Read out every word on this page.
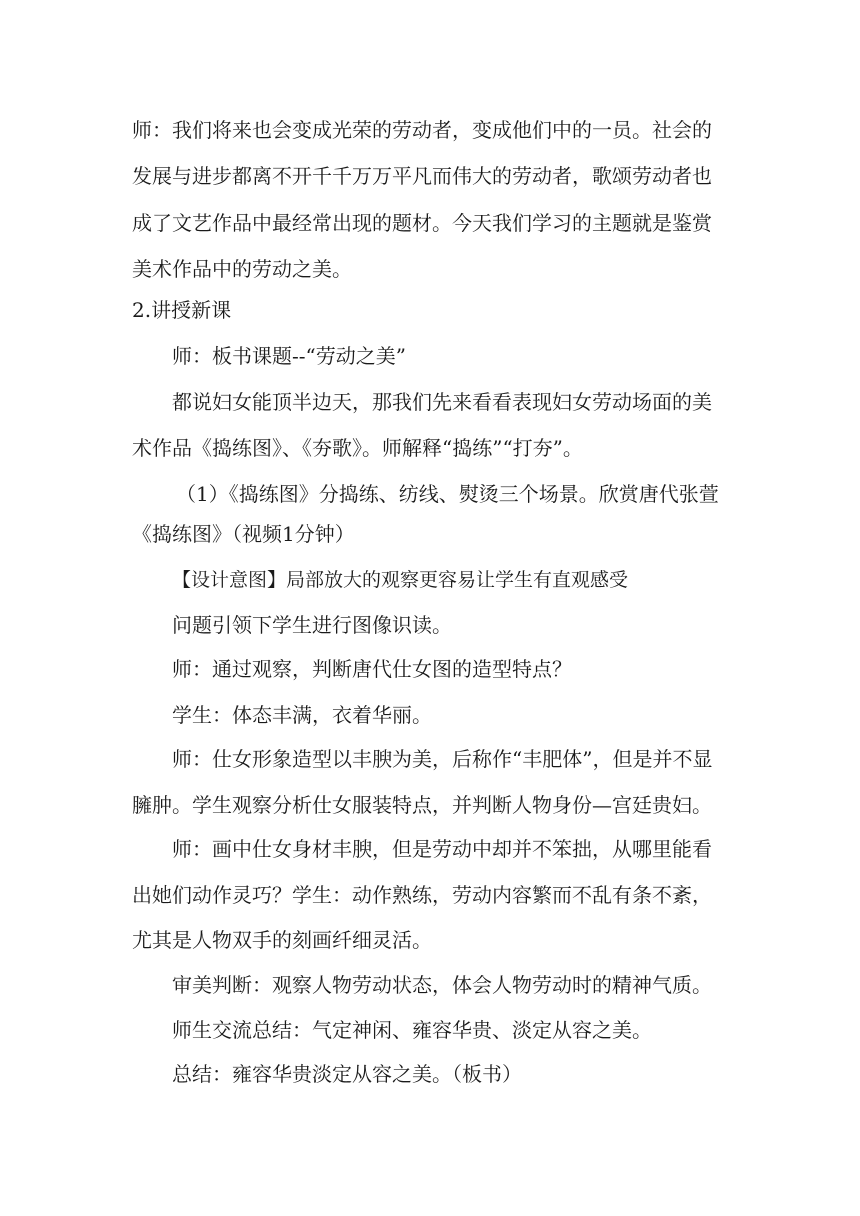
师：我们将来也会变成光荣的劳动者，变成他们中的一员。社会的
发展与进步都离不开千千万万平凡而伟大的劳动者，歌颂劳动者也
成了文艺作品中最经常出现的题材。今天我们学习的主题就是鉴赏
美术作品中的劳动之美。
2.讲授新课
师：板书课题--“劳动之美”
都说妇女能顶半边天，那我们先来看看表现妇女劳动场面的美
术作品《捣练图》、《夯歌》。师解释“捣练”“打夯”。
（1）《捣练图》分捣练、纺线、熨烫三个场景。欣赏唐代张萱
《捣练图》（视频1分钟）
【设计意图】局部放大的观察更容易让学生有直观感受
问题引领下学生进行图像识读。
师：通过观察，判断唐代仕女图的造型特点？
学生：体态丰满，衣着华丽。
师：仕女形象造型以丰腴为美，后称作“丰肥体”，但是并不显
臃肿。学生观察分析仕女服装特点，并判断人物身份—宫廷贵妇。
师：画中仕女身材丰腴，但是劳动中却并不笨拙，从哪里能看
出她们动作灵巧？学生：动作熟练，劳动内容繁而不乱有条不紊，
尤其是人物双手的刻画纤细灵活。
审美判断：观察人物劳动状态，体会人物劳动时的精神气质。
师生交流总结：气定神闲、雍容华贵、淡定从容之美。
总结：雍容华贵淡定从容之美。（板书）
